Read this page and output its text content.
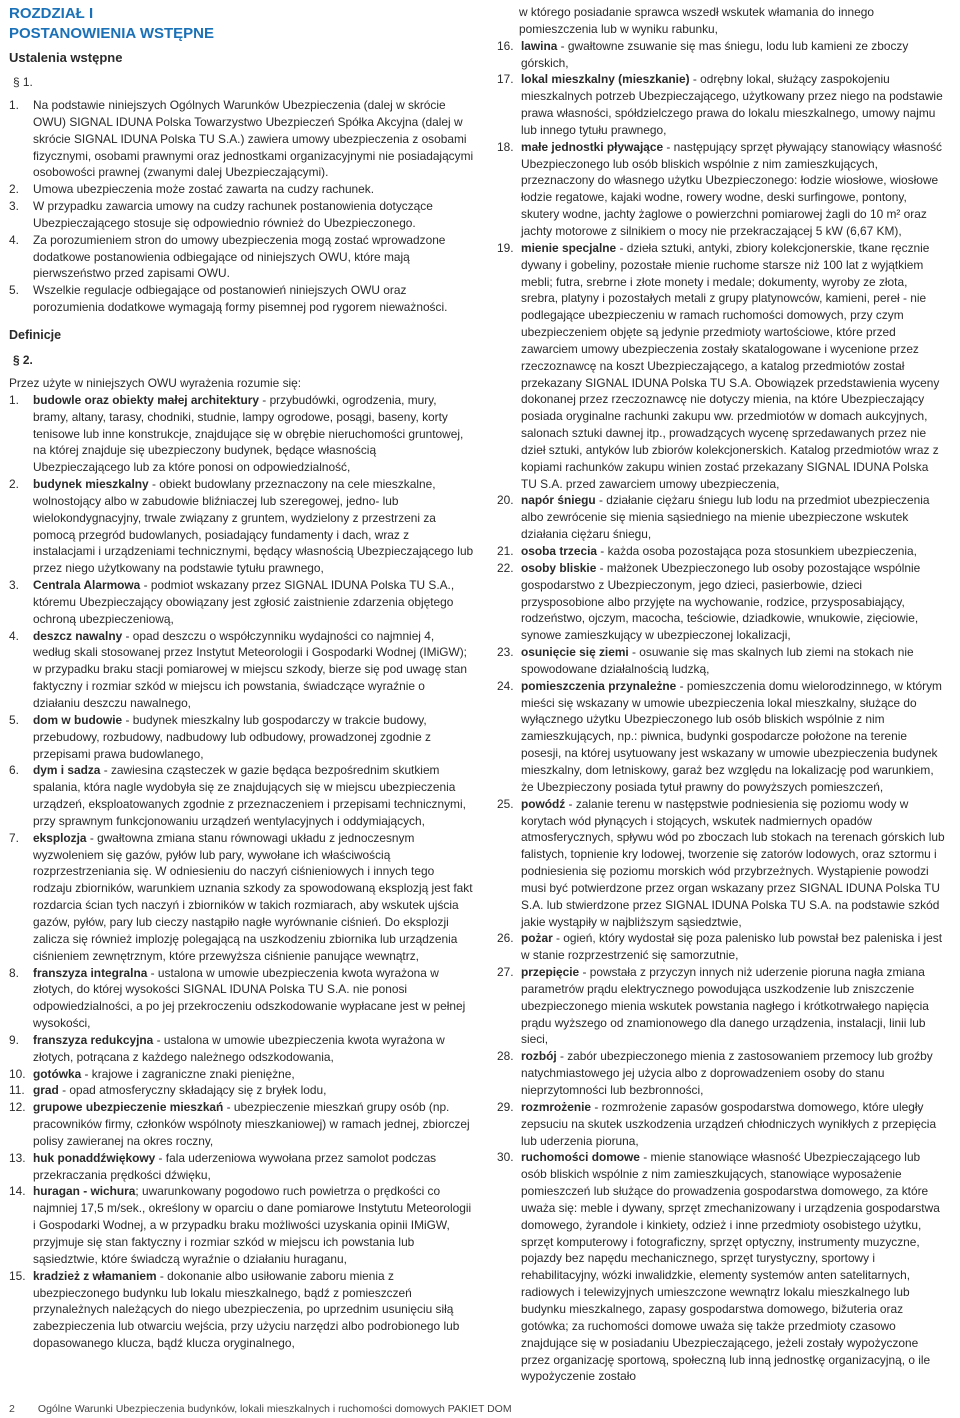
ROZDZIAŁ I
POSTANOWIENIA WSTĘPNE
Ustalenia wstępne
§ 1.
1.	Na podstawie niniejszych Ogólnych Warunków Ubezpieczenia (dalej w skrócie OWU) SIGNAL IDUNA Polska Towarzystwo Ubezpieczeń Spółka Akcyjna (dalej w skrócie SIGNAL IDUNA Polska TU S.A.) zawiera umowy ubezpieczenia z osobami fizycznymi, osobami prawnymi oraz jednostkami organizacyjnymi nie posiadającymi osobowości prawnej (zwanymi dalej Ubezpieczającymi).
2.	Umowa ubezpieczenia może zostać zawarta na cudzy rachunek.
3.	W przypadku zawarcia umowy na cudzy rachunek postanowienia dotyczące Ubezpieczającego stosuje się odpowiednio również do Ubezpieczonego.
4.	Za porozumieniem stron do umowy ubezpieczenia mogą zostać wprowadzone dodatkowe postanowienia odbiegające od niniejszych OWU, które mają pierwszeństwo przed zapisami OWU.
5.	Wszelkie regulacje odbiegające od postanowień niniejszych OWU oraz porozumienia dodatkowe wymagają formy pisemnej pod rygorem nieważności.
Definicje
§ 2.

Przez użyte w niniejszych OWU wyrażenia rozumie się:

1.	budowle oraz obiekty małej architektury - przybudówki, ogrodzenia, mury, bramy, altany, tarasy, chodniki, studnie, lampy ogrodowe, posągi, baseny, korty tenisowe lub inne konstrukcje, znajdujące się w obrębie nieruchomości gruntowej, na której znajduje się ubezpieczony budynek, będące własnością Ubezpieczającego lub za które ponosi on odpowiedzialność,
2.	budynek mieszkalny - obiekt budowlany przeznaczony na cele mieszkalne, wolnostojący albo w zabudowie bliźniaczej lub szeregowej, jedno- lub wielokondygnacyjny, trwale związany z gruntem, wydzielony z przestrzeni za pomocą przegród budowlanych, posiadający fundamenty i dach, wraz z instalacjami i urządzeniami technicznymi, będący własnością Ubezpieczającego lub przez niego użytkowany na podstawie tytułu prawnego,
3.	Centrala Alarmowa - podmiot wskazany przez SIGNAL IDUNA Polska TU S.A., któremu Ubezpieczający obowiązany jest zgłosić zaistnienie zdarzenia objętego ochroną ubezpieczeniową,
4.	deszcz nawalny - opad deszczu o współczynniku wydajności co najmniej 4, według skali stosowanej przez Instytut Meteorologii i Gospodarki Wodnej (IMiGW); w przypadku braku stacji pomiarowej w miejscu szkody, bierze się pod uwagę stan faktyczny i rozmiar szkód w miejscu ich powstania, świadczące wyraźnie o działaniu deszczu nawalnego,
5.	dom w budowie - budynek mieszkalny lub gospodarczy w trakcie budowy, przebudowy, rozbudowy, nadbudowy lub odbudowy, prowadzonej zgodnie z przepisami prawa budowlanego,
6.	dym i sadza - zawiesina cząsteczek w gazie będąca bezpośrednim skutkiem spalania, która nagle wydobyła się ze znajdujących się w miejscu ubezpieczenia urządzeń, eksploatowanych zgodnie z przeznaczeniem i przepisami technicznymi, przy sprawnym funkcjonowaniu urządzeń wentylacyjnych i oddymiających,
7.	eksplozja - gwałtowna zmiana stanu równowagi układu z jednoczesnym wyzwoleniem się gazów, pyłów lub pary, wywołane ich właściwością rozprzestrzeniania się. W odniesieniu do naczyń ciśnieniowych i innych tego rodzaju zbiorników, warunkiem uznania szkody za spowodowaną eksplozją jest fakt rozdarcia ścian tych naczyń i zbiorników w takich rozmiarach, aby wskutek ujścia gazów, pyłów, pary lub cieczy nastąpiło nagłe wyrównanie ciśnień. Do eksplozji zalicza się również implozję polegającą na uszkodzeniu zbiornika lub urządzenia ciśnieniem zewnętrznym, które przewyższa ciśnienie panujące wewnątrz,
8.	franszyza integralna - ustalona w umowie ubezpieczenia kwota wyrażona w złotych, do której wysokości SIGNAL IDUNA Polska TU S.A. nie ponosi odpowiedzialności, a po jej przekroczeniu odszkodowanie wypłacane jest w pełnej wysokości,
9.	franszyza redukcyjna - ustalona w umowie ubezpieczenia kwota wyrażona w złotych, potrącana z każdego należnego odszkodowania,
10. gotówka - krajowe i zagraniczne znaki pieniężne,
11. grad - opad atmosferyczny składający się z bryłek lodu,
12. grupowe ubezpieczenie mieszkań - ubezpieczenie mieszkań grupy osób (np. pracowników firmy, członków wspólnoty mieszkaniowej) w ramach jednej, zbiorczej polisy zawieranej na okres roczny,
13. huk ponaddźwiękowy - fala uderzeniowa wywołana przez samolot podczas przekraczania prędkości dźwięku,
14. huragan - wichura; uwarunkowany pogodowo ruch powietrza o prędkości co najmniej 17,5 m/sek., określony w oparciu o dane pomiarowe Instytutu Meteorologii i Gospodarki Wodnej, a w przypadku braku możliwości uzyskania opinii IMiGW, przyjmuje się stan faktyczny i rozmiar szkód w miejscu ich powstania lub sąsiedztwie, które świadczą wyraźnie o działaniu huraganu,
15. kradzież z włamaniem - dokonanie albo usiłowanie zaboru mienia z ubezpieczonego budynku lub lokalu mieszkalnego, bądź z pomieszczeń przynależnych należących do niego ubezpieczenia, po uprzednim usunięciu siłą zabezpieczenia lub otwarciu wejścia, przy użyciu narzędzi albo podrobionego lub dopasowanego klucza, bądź klucza oryginalnego,

w którego posiadanie sprawca wszedł wskutek włamania do innego pomieszczenia lub w wyniku rabunku,

16. lawina - gwałtowne zsuwanie się mas śniegu, lodu lub kamieni ze zboczy górskich,
17. lokal mieszkalny (mieszkanie) - odrębny lokal, służący zaspokojeniu mieszkalnych potrzeb Ubezpieczającego, użytkowany przez niego na podstawie prawa własności, spółdzielczego prawa do lokalu mieszkalnego, umowy najmu lub innego tytułu prawnego,
18. małe jednostki pływające - następujący sprzęt pływający stanowiący własność Ubezpieczonego lub osób bliskich wspólnie z nim zamieszkujących, przeznaczony do własnego użytku Ubezpieczonego: łodzie wiosłowe, wiosłowe łodzie regatowe, kajaki wodne, rowery wodne, deski surfingowe, pontony, skutery wodne, jachty żaglowe o powierzchni pomiarowej żagli do 10 m² oraz jachty motorowe z silnikiem o mocy nie przekraczającej 5 kW (6,67 KM),
19. mienie specjalne - dzieła sztuki, antyki, zbiory kolekcjonerskie, tkane ręcznie dywany i gobeliny, pozostałe mienie ruchome starsze niż 100 lat z wyjątkiem mebli; futra, srebrne i złote monety i medale; dokumenty, wyroby ze złota, srebra, platyny i pozostałych metali z grupy platynowców, kamieni, pereł - nie podlegające ubezpieczeniu w ramach ruchomości domowych, przy czym ubezpieczeniem objęte są jedynie przedmioty wartościowe, które przed zawarciem umowy ubezpieczenia zostały skatalogowane i wycenione przez rzeczoznawcę na koszt Ubezpieczającego, a katalog przedmiotów został przekazany SIGNAL IDUNA Polska TU S.A. Obowiązek przedstawienia wyceny dokonanej przez rzeczoznawcę nie dotyczy mienia, na które Ubezpieczający posiada oryginalne rachunki zakupu ww. przedmiotów w domach aukcyjnych, salonach sztuki dawnej itp., prowadzących wycenę sprzedawanych przez nie dzieł sztuki, antyków lub zbiorów kolekcjonerskich. Katalog przedmiotów wraz z kopiami rachunków zakupu winien zostać przekazany SIGNAL IDUNA Polska TU S.A. przed zawarciem umowy ubezpieczenia,
20. napór śniegu - działanie ciężaru śniegu lub lodu na przedmiot ubezpieczenia albo zewrócenie się mienia sąsiedniego na mienie ubezpieczone wskutek działania ciężaru śniegu,
21. osoba trzecia - każda osoba pozostająca poza stosunkiem ubezpieczenia,
22. osoby bliskie - małżonek Ubezpieczonego lub osoby pozostające wspólnie gospodarstwo z Ubezpieczonym, jego dzieci, pasierbowie, dzieci przysposobione albo przyjęte na wychowanie, rodzice, przysposabiający, rodzeństwo, ojczym, macocha, teściowie, dziadkowie, wnukowie, zięciowie, synowe zamieszkujący w ubezpieczonej lokalizacji,
23. osunięcie się ziemi - osuwanie się mas skalnych lub ziemi na stokach nie spowodowane działalnością ludzką,
24. pomieszczenia przynależne - pomieszczenia domu wielorodzinnego, w którym mieści się wskazany w umowie ubezpieczenia lokal mieszkalny, służące do wyłącznego użytku Ubezpieczonego lub osób bliskich wspólnie z nim zamieszkujących, np.: piwnica, budynki gospodarcze położone na terenie posesji, na której usytuowany jest wskazany w umowie ubezpieczenia budynek mieszkalny, dom letniskowy, garaż bez względu na lokalizację pod warunkiem, że Ubezpieczony posiada tytuł prawny do powyższych pomieszczeń,
25. powódź - zalanie terenu w następstwie podniesienia się poziomu wody w korytach wód płynących i stojących, wskutek nadmiernych opadów atmosferycznych, spływu wód po zboczach lub stokach na terenach górskich lub falistych, topnienie kry lodowej, tworzenie się zatorów lodowych, oraz sztormu i podniesienia się poziomu morskich wód przybrzeżnych. Wystąpienie powodzi musi być potwierdzone przez organ wskazany przez SIGNAL IDUNA Polska TU S.A. lub stwierdzone przez SIGNAL IDUNA Polska TU S.A. na podstawie szkód jakie wystąpiły w najbliższym sąsiedztwie,
26. pożar - ogień, który wydostał się poza palenisko lub powstał bez paleniska i jest w stanie rozprzestrzenić się samorzutnie,
27. przepięcie - powstała z przyczyn innych niż uderzenie pioruna nagła zmiana parametrów prądu elektrycznego powodująca uszkodzenie lub zniszczenie ubezpieczonego mienia wskutek powstania nagłego i krótkotrwałego napięcia prądu wyższego od znamionowego dla danego urządzenia, instalacji, linii lub sieci,
28. rozbój - zabór ubezpieczonego mienia z zastosowaniem przemocy lub groźby natychmiastowego jej użycia albo z doprowadzeniem osoby do stanu nieprzytomności lub bezbronności,
29. rozmrożenie - rozmrożenie zapasów gospodarstwa domowego, które uległy zepsuciu na skutek uszkodzenia urządzeń chłodniczych wynikłych z przepięcia lub uderzenia pioruna,
30. ruchomości domowe - mienie stanowiące własność Ubezpieczającego lub osób bliskich wspólnie z nim zamieszkujących, stanowiące wyposażenie pomieszczeń lub służące do prowadzenia gospodarstwa domowego, za które uważa się: meble i dywany, sprzęt zmechanizowany i urządzenia gospodarstwa domowego, żyrandole i kinkiety, odzież i inne przedmioty osobistego użytku, sprzęt komputerowy i fotograficzny, sprzęt optyczny, instrumenty muzyczne, pojazdy bez napędu mechanicznego, sprzęt turystyczny, sportowy i rehabilitacyjny, wózki inwalidzkie, elementy systemów anten satelitarnych, radiowych i telewizyjnych umieszczone wewnątrz lokalu mieszkalnego lub budynku mieszkalnego, zapasy gospodarstwa domowego, bižuteria oraz gotówka; za ruchomości domowe uważa się także przedmioty czasowo znajdujące się w posiadaniu Ubezpieczającego, jeżeli zostały wypożyczone przez organizację sportową, społeczną lub inną jednostkę organizacyjną, o ile wypożyczenie zostało
2 Ogólne Warunki Ubezpieczenia budynków, lokali mieszkalnych i ruchomości domowych PAKIET DOM
